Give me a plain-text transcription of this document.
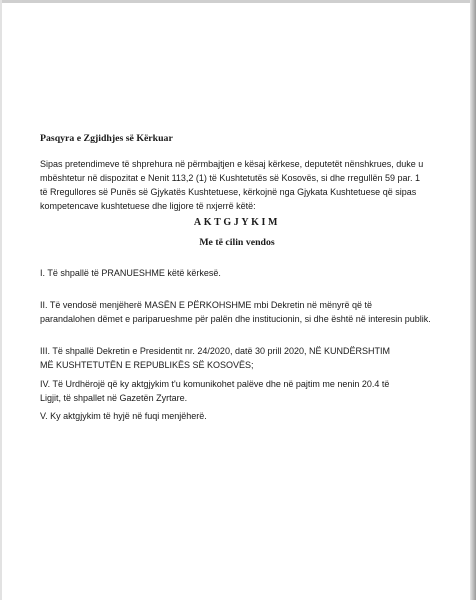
Pasqyra e Zgjidhjes së Kërkuar
Sipas pretendimeve të shprehura në përmbajtjen e kësaj kërkese, deputetët nënshkrues, duke u
mbështetur në dispozitat e Nenit 113,2 (1) të Kushtetutës së Kosovës, si dhe rregullën 59 par. 1
të Rregullores së Punës së Gjykatës Kushtetuese, kërkojnë nga Gjykata Kushtetuese që sipas
kompetencave kushtetuese dhe ligjore të nxjerrë këtë:
AKTGJYKIM
Me të cilin vendos
I. Të shpallë të PRANUESHME këtë kërkesë.
II. Të vendosë menjëherë MASËN E PËRKOHSHME mbi Dekretin në mënyrë që të
parandalohen dëmet e pariparueshme për palën dhe institucionin, si dhe është në interesin publik.
III. Të shpallë Dekretin e Presidentit nr. 24/2020, datë 30 prill 2020, NË KUNDËRSHTIM
MË KUSHTETUTËN E REPUBLIKËS SË KOSOVËS;
IV. Të Urdhërojë që ky aktgjykim t'u komunikohet palëve dhe në pajtim me nenin 20.4 të
Ligjit, të shpallet në Gazetën Zyrtare.
V. Ky aktgjykim të hyjë në fuqi menjëherë.
